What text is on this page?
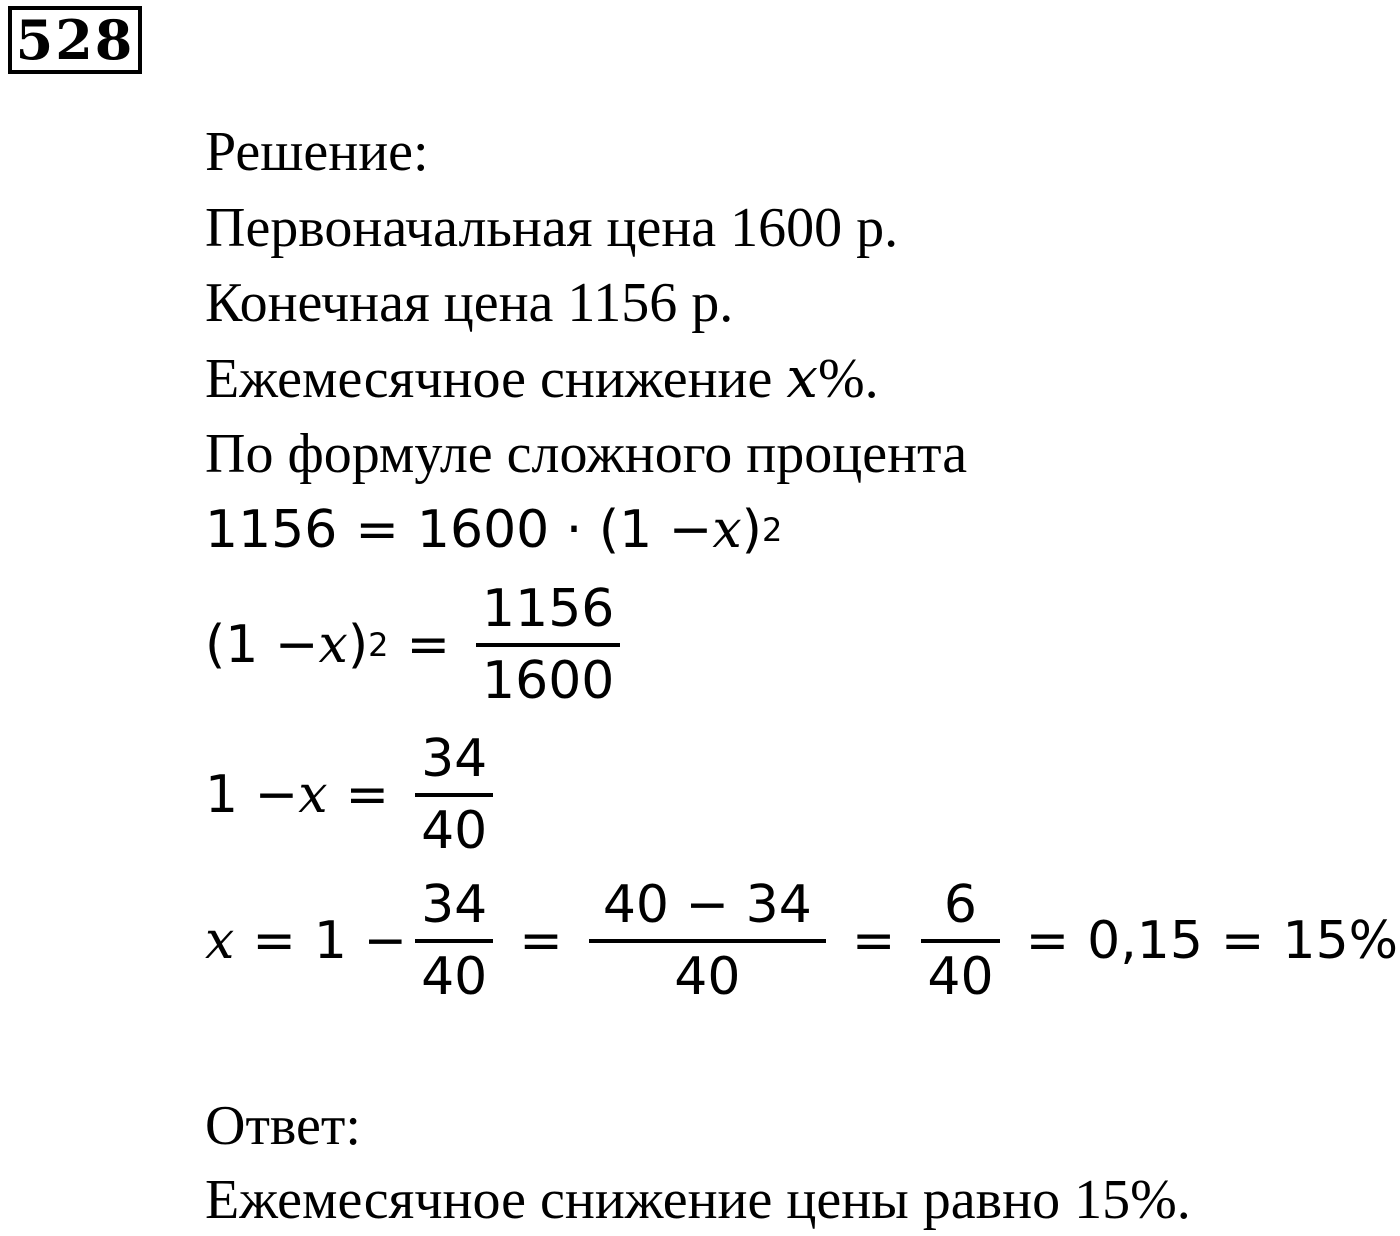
528
Решение:
Первоначальная цена 1600 р.
Конечная цена 1156 р.
Ежемесячное снижение x%.
По формуле сложного процента
1156 = 1600 · (1 − x ) 2
(1 − x ) $2 = \frac{1156}{1600}$
$1 - x = \frac{34}{40}$
$x = 1 - \frac{34}{40} = \frac{40 - 34}{40} = \frac{6}{40} = 0,15 = 15\%$
Ответ:
Ежемесячное снижение цены равно 15%.
